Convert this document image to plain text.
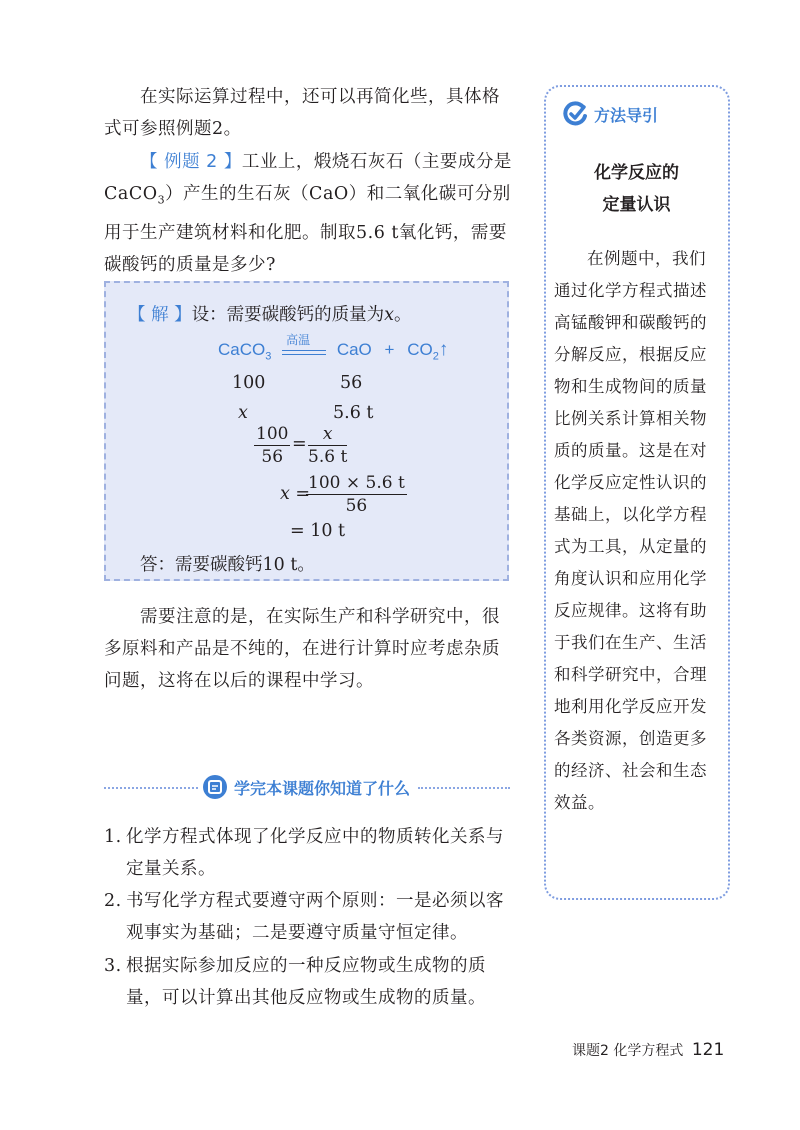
在实际运算过程中，还可以再简化些，具体格式可参照例题2。

【 例题 2 】工业上，煅烧石灰石（主要成分是CaCO$_3$）产生的生石灰（CaO）和二氧化碳可分别用于生产建筑材料和化肥。制取5.6 t氧化钙，需要碳酸钙的质量是多少?

【 解 】设：需要碳酸钙的质量为x。
CaCO$_3$
高温
CaO + $CO_2↑$
100	56
x	5.6 t
$\frac{100}{56} = \frac{x}{5.6 t}$
x =
$\frac{100 \times 5.6 t}{56}$
= 10 t
答：需要碳酸钙10 t。

需要注意的是，在实际生产和科学研究中，很多原料和产品是不纯的，在进行计算时应考虑杂质问题，这将在以后的课程中学习。

学完本课题你知道了什么
1. 化学方程式体现了化学反应中的物质转化关系与定量关系。
2. 书写化学方程式要遵守两个原则：一是必须以客观事实为基础；二是要遵守质量守恒定律。
3. 根据实际参加反应的一种反应物或生成物的质量，可以计算出其他反应物或生成物的质量。
方法导引
化学反应的
定量认识
在例题中，我们通过化学方程式描述高锰酸钾和碳酸钙的分解反应，根据反应物和生成物间的质量比例关系计算相关物质的质量。这是在对化学反应定性认识的基础上，以化学方程式为工具，从定量的角度认识和应用化学反应规律。这将有助于我们在生产、生活和科学研究中，合理地利用化学反应开发各类资源，创造更多的经济、社会和生态效益。
课题2 化学方程式 121
